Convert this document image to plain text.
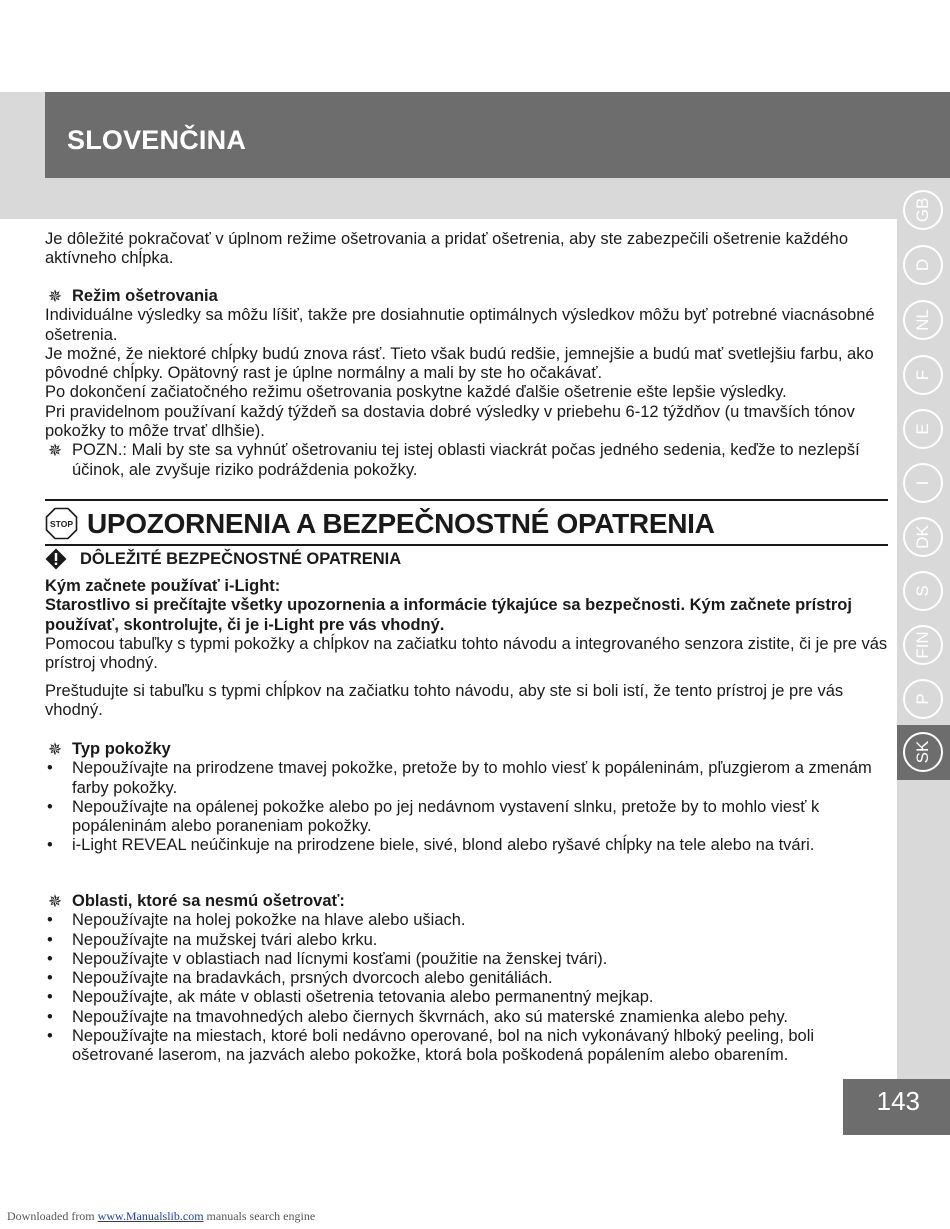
SLOVENČINA
GB
D
NL
F
E
I
DK
S
FIN
P
SK
143

Je dôležité pokračovať v úplnom režime ošetrovania a pridať ošetrenia, aby ste zabezpečili ošetrenie každého aktívneho chĺpka.

✵ Režim ošetrovania

Individuálne výsledky sa môžu líšiť, takže pre dosiahnutie optimálnych výsledkov môžu byť potrebné viacnásobné ošetrenia.

Je možné, že niektoré chĺpky budú znova rásť. Tieto však budú redšie, jemnejšie a budú mať svetlejšiu farbu, ako pôvodné chĺpky. Opätovný rast je úplne normálny a mali by ste ho očakávať.

Po dokončení začiatočného režimu ošetrovania poskytne každé ďalšie ošetrenie ešte lepšie výsledky.

Pri pravidelnom používaní každý týždeň sa dostavia dobré výsledky v priebehu 6-12 týždňov (u tmavších tónov pokožky to môže trvať dlhšie).

✵ POZN.: Mali by ste sa vyhnúť ošetrovaniu tej istej oblasti viackrát počas jedného sedenia, keďže to nezlepší účinok, ale zvyšuje riziko podráždenia pokožky.

Kým začnete používať i-Light:

Starostlivo si prečítajte všetky upozornenia a informácie týkajúce sa bezpečnosti. Kým začnete prístroj používať, skontrolujte, či je i-Light pre vás vhodný.

Pomocou tabuľky s typmi pokožky a chĺpkov na začiatku tohto návodu a integrovaného senzora zistite, či je pre vás prístroj vhodný.

Preštudujte si tabuľku s typmi chĺpkov na začiatku tohto návodu, aby ste si boli istí, že tento prístroj je pre vás vhodný.

✵ Typ pokožky
• Nepoužívajte na prirodzene tmavej pokožke, pretože by to mohlo viesť k popáleninám, pľuzgierom a zmenám farby pokožky.
• Nepoužívajte na opálenej pokožke alebo po jej nedávnom vystavení slnku, pretože by to mohlo viesť k popáleninám alebo poraneniam pokožky.
• i-Light REVEAL neúčinkuje na prirodzene biele, sivé, blond alebo ryšavé chĺpky na tele alebo na tvári.
✵ Oblasti, ktoré sa nesmú ošetrovať:
• Nepoužívajte na holej pokožke na hlave alebo ušiach.
• Nepoužívajte na mužskej tvári alebo krku.
• Nepoužívajte v oblastiach nad lícnymi kosťami (použitie na ženskej tvári).
• Nepoužívajte na bradavkách, prsných dvorcoch alebo genitáliách.
• Nepoužívajte, ak máte v oblasti ošetrenia tetovania alebo permanentný mejkap.
• Nepoužívajte na tmavohnedých alebo čiernych škvrnách, ako sú materské znamienka alebo pehy.
• Nepoužívajte na miestach, ktoré boli nedávno operované, bol na nich vykonávaný hlboký peeling, boli ošetrované laserom, na jazvách alebo pokožke, ktorá bola poškodená popálením alebo obarením.
STOP UPOZORNENIA A BEZPEČNOSTNÉ OPATRENIA
DÔLEŽITÉ BEZPEČNOSTNÉ OPATRENIA
Downloaded from www.Manualslib.com manuals search engine
